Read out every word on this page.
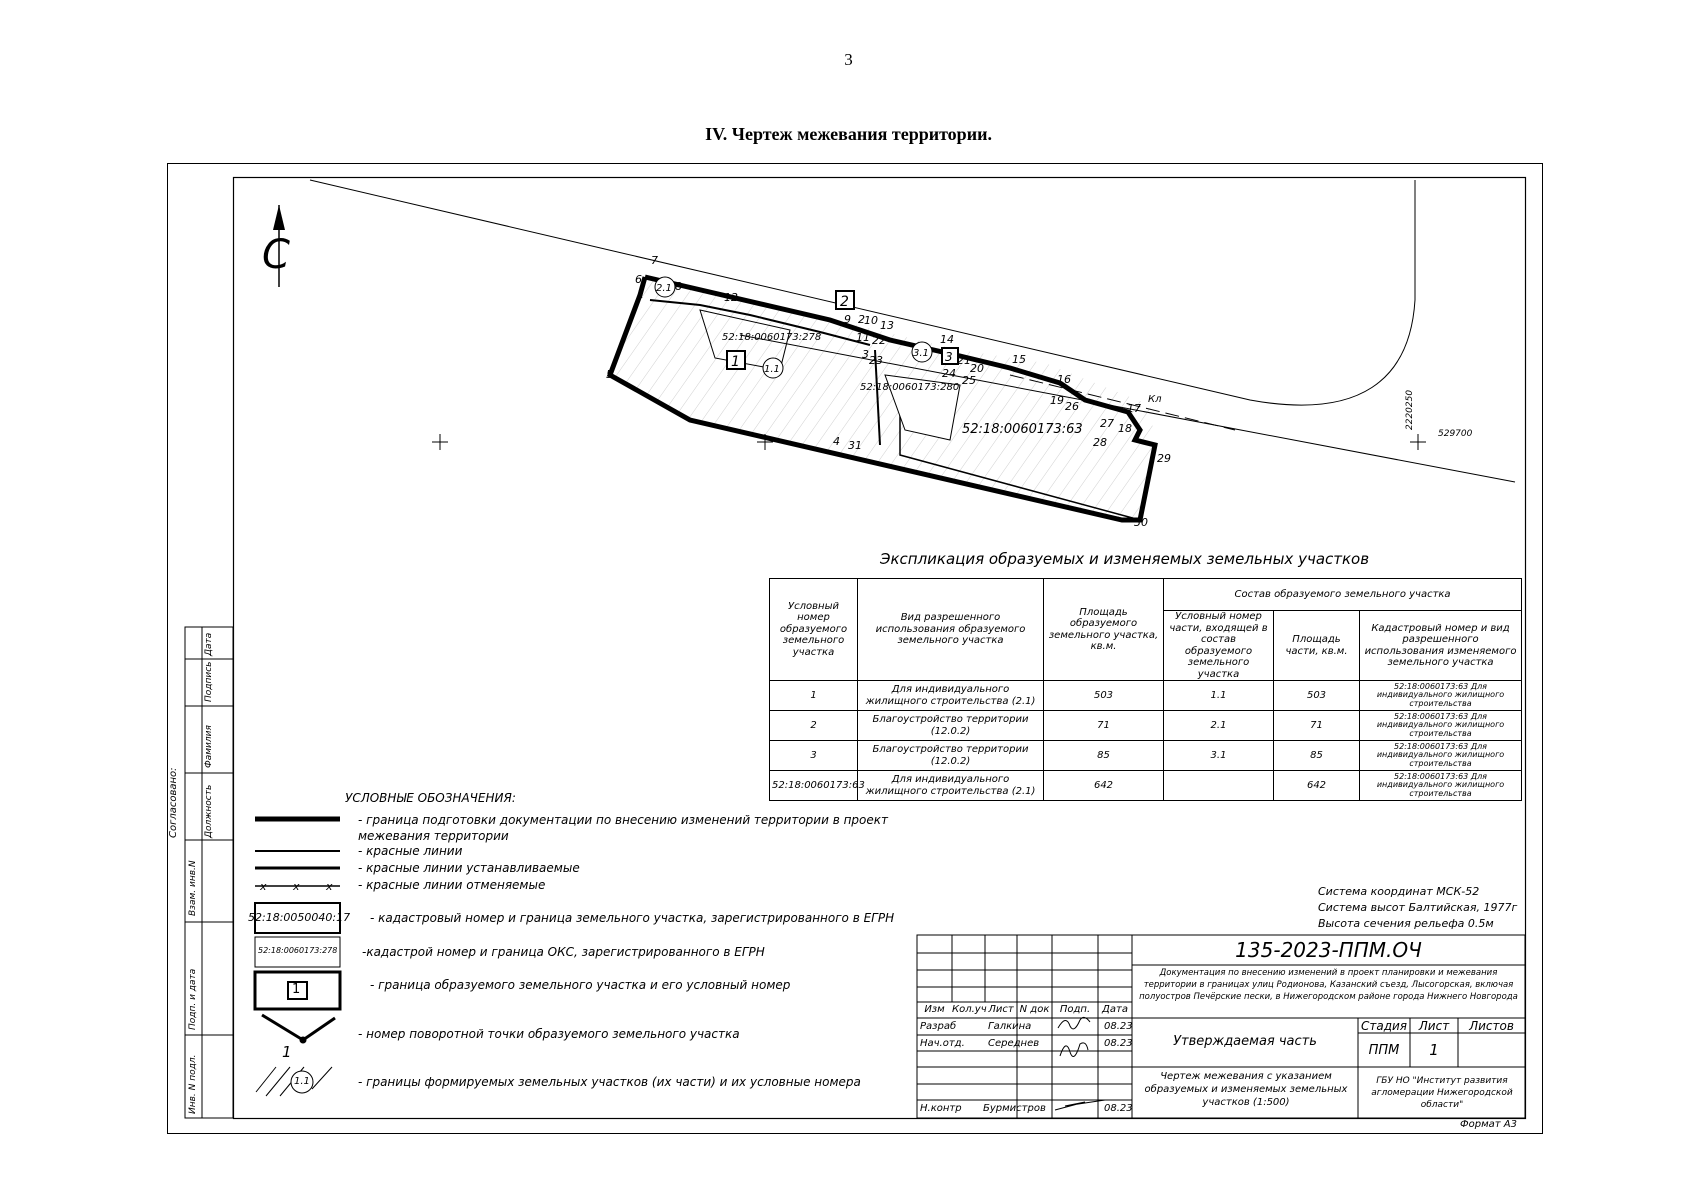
3
IV. Чертеж межевания территории.
Кл
С
52:18:0060173:278
52:18:0060173:280
52:18:0060173:63
1
2
3
1.1
2.1
3.1
1
2
3
4
5
6
7
8
9 10
11
12
13
14
15
16
17
18
19
20
21
22
23
24
25
26
27
28
29
30
31
529700
2220250
x x x
Экспликация образуемых и изменяемых земельных участков
Условный номер образуемого земельного участка	Вид разрешенного использования образуемого земельного участка	Площадь образуемого земельного участка, кв.м.	Состав образуемого земельного участка		
			Условный номер части, входящей в состав образуемого земельного участка	Площадь части, кв.м.	Кадастровый номер и вид разрешенного использования изменяемого земельного участка
1	Для индивидуального жилищного строительства (2.1)	503	1.1	503	52:18:0060173:63 Для индивидуального жилищного строительства
2	Благоустройство территории (12.0.2)	71	2.1	71	52:18:0060173:63 Для индивидуального жилищного строительства
3	Благоустройство территории (12.0.2)	85	3.1	85	52:18:0060173:63 Для индивидуального жилищного строительства
52:18:0060173:63	Для индивидуального жилищного строительства (2.1)	642		642	52:18:0060173:63 Для индивидуального жилищного строительства
УСЛОВНЫЕ ОБОЗНАЧЕНИЯ:
- граница подготовки документации по внесению изменений территории в проект межевания территории
- красные линии
- красные линии устанавливаемые
- красные линии отменяемые
52:18:0050040:17 - кадастровый номер и граница земельного участка, зарегистрированного в ЕГРН
52:18:0060173:278 -кадастрой номер и граница ОКС, зарегистрированного в ЕГРН
1	- граница образуемого земельного участка и его условный номер
1
- номер поворотной точки образуемого земельного участка
1.1	- границы формируемых земельных участков (их части) и их условные номера
Система координат МСК-52
Система высот Балтийская, 1977г
Высота сечения рельефа 0.5м
135-2023-ППМ.ОЧ
Документация по внесению изменений в проект планировки и межевания территории в границах улиц Родионова, Казанский съезд, Лысогорская, включая полуостров Печёрские пески, в Нижегородском районе города Нижнего Новгорода
Изм Кол.уч Лист N док	Подп.	Дата
Разраб	Галкина	08.23
Нач.отд. Середнев	08.23
Н.контр Бурмистров	08.23
Утверждаемая часть
Стадия Лист	Листов
ППМ	1
Чертеж межевания с указанием образуемых и изменяемых земельных участков (1:500)
ГБУ НО "Институт развития агломерации Нижегородской области"
Формат А3
Согласовано:	Должность
Фамилия
Подпись
Дата
Взам. инв.N
Подп. и дата
Инв. N подл.
